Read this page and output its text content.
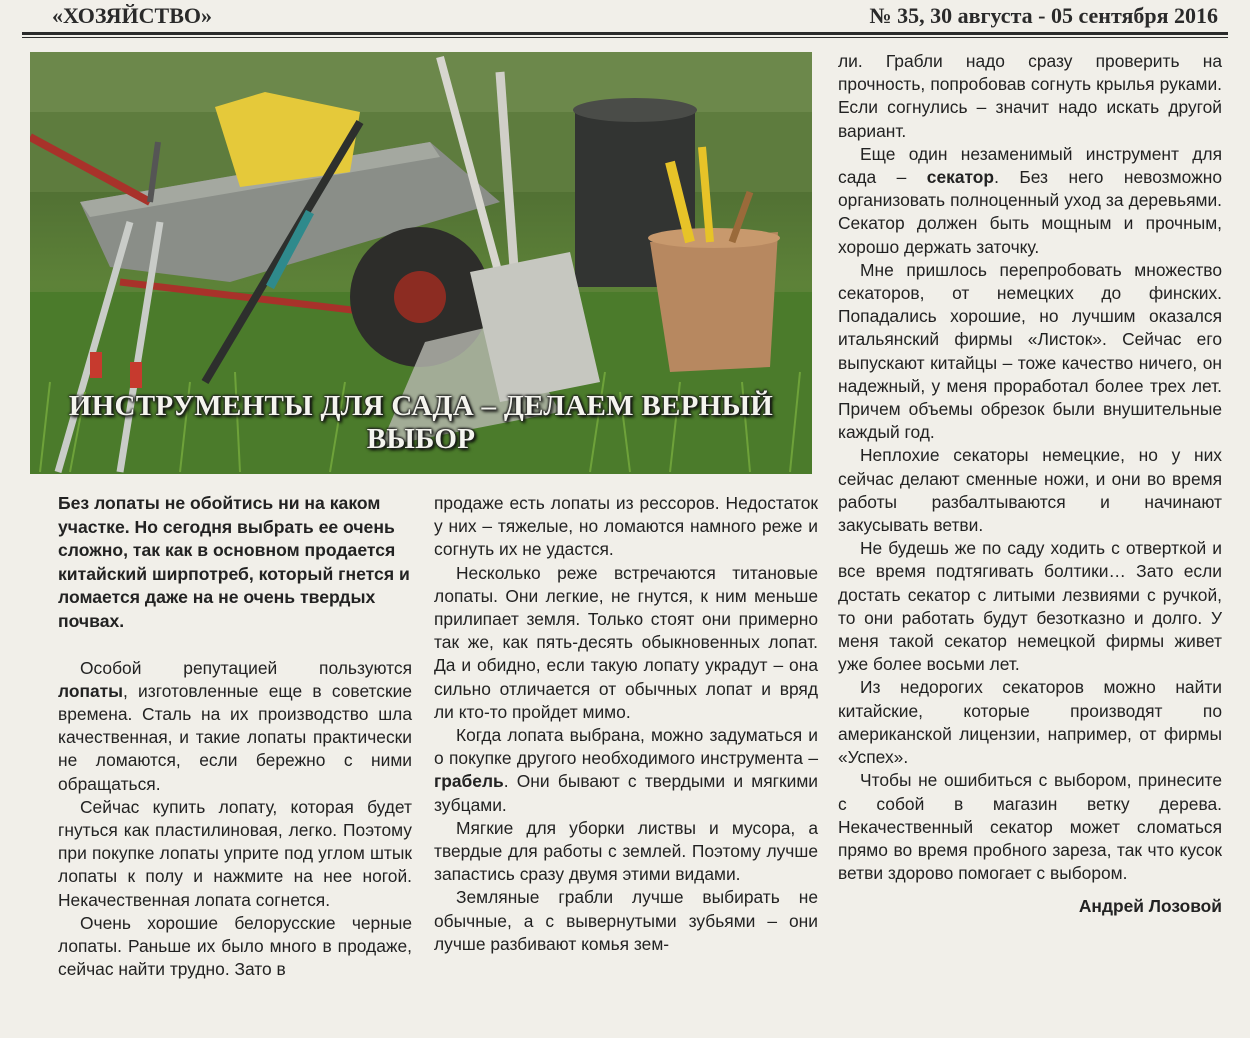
«ХОЗЯЙСТВО»	№ 35, 30 августа - 05 сентября 2016
ИНСТРУМЕНТЫ ДЛЯ САДА – ДЕЛАЕМ ВЕРНЫЙ ВЫБОР

Без лопаты не обойтись ни на каком участке. Но сегодня выбрать ее очень сложно, так как в основном продается китайский ширпотреб, который гнется и ломается даже на не очень твердых почвах.

Особой репутацией пользуются лопаты, изготовленные еще в советские времена. Сталь на их производство шла качественная, и такие лопаты практически не ломаются, если бережно с ними обращаться.

Сейчас купить лопату, которая будет гнуться как пластилиновая, легко. Поэтому при покупке лопаты уприте под углом штык лопаты к полу и нажмите на нее ногой. Некачественная лопата согнется.

Очень хорошие белорусские черные лопаты. Раньше их было много в продаже, сейчас найти трудно. Зато в

продаже есть лопаты из рессоров. Недостаток у них – тяжелые, но ломаются намного реже и согнуть их не удастся.

Несколько реже встречаются титановые лопаты. Они легкие, не гнутся, к ним меньше прилипает земля. Только стоят они примерно так же, как пять-десять обыкновенных лопат. Да и обидно, если такую лопату украдут – она сильно отличается от обычных лопат и вряд ли кто-то пройдет мимо.

Когда лопата выбрана, можно задуматься и о покупке другого необходимого инструмента – грабель. Они бывают с твердыми и мягкими зубцами.

Мягкие для уборки листвы и мусора, а твердые для работы с землей. Поэтому лучше запастись сразу двумя этими видами.

Земляные грабли лучше выбирать не обычные, а с вывернутыми зубьями – они лучше разбивают комья зем-

ли. Грабли надо сразу проверить на прочность, попробовав согнуть крылья руками. Если согнулись – значит надо искать другой вариант.

Еще один незаменимый инструмент для сада – секатор. Без него невозможно организовать полноценный уход за деревьями. Секатор должен быть мощным и прочным, хорошо держать заточку.

Мне пришлось перепробовать множество секаторов, от немецких до финских. Попадались хорошие, но лучшим оказался итальянский фирмы «Листок». Сейчас его выпускают китайцы – тоже качество ничего, он надежный, у меня проработал более трех лет. Причем объемы обрезок были внушительные каждый год.

Неплохие секаторы немецкие, но у них сейчас делают сменные ножи, и они во время работы разбалтываются и начинают закусывать ветви.

Не будешь же по саду ходить с отверткой и все время подтягивать болтики… Зато если достать секатор с литыми лезвиями с ручкой, то они работать будут безотказно и долго. У меня такой секатор немецкой фирмы живет уже более восьми лет.

Из недорогих секаторов можно найти китайские, которые производят по американской лицензии, например, от фирмы «Успех».

Чтобы не ошибиться с выбором, принесите с собой в магазин ветку дерева. Некачественный секатор может сломаться прямо во время пробного зареза, так что кусок ветви здорово помогает с выбором.

Андрей Лозовой
